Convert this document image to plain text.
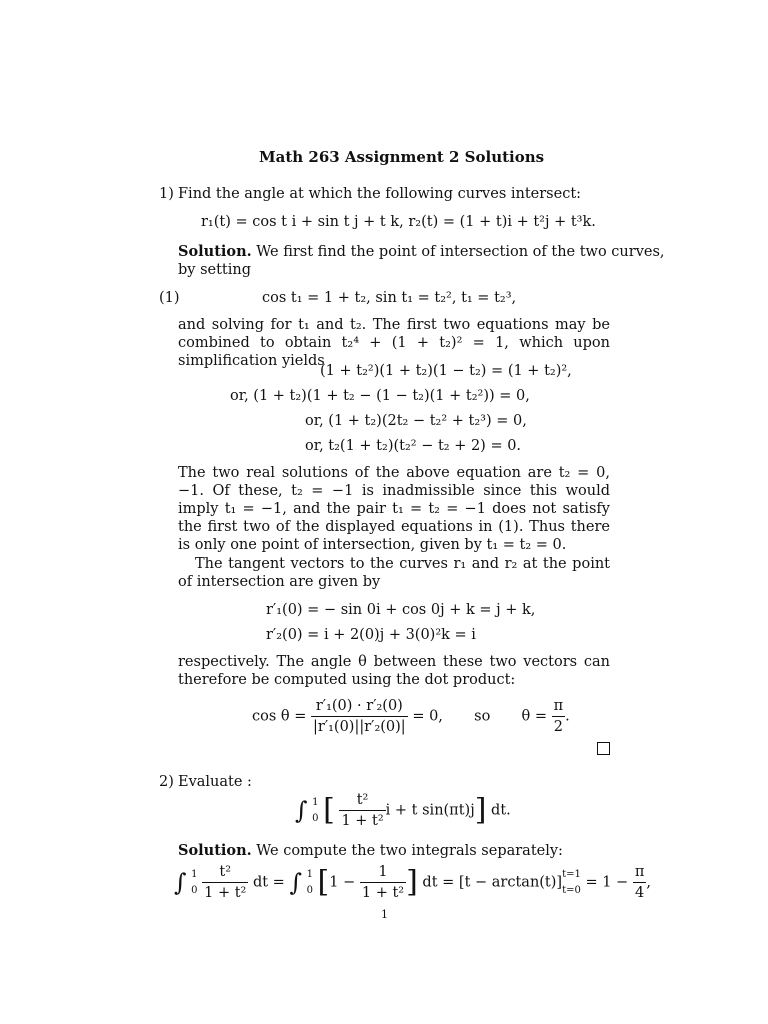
Math 263 Assignment 2 Solutions
1) Find the angle at which the following curves intersect:
r₁(t) = cos t i + sin t j + t k, r₂(t) = (1 + t)i + t²j + t³k.
Solution. We first find the point of intersection of the two curves,
by setting
(1)	cos t₁ = 1 + t₂, sin t₁ = t₂², t₁ = t₂³,
and solving for t₁ and t₂. The first two equations may be combined to obtain t₂⁴ + (1 + t₂)² = 1, which upon simplification yields
(1 + t₂²)(1 + t₂)(1 − t₂) = (1 + t₂)²,
or, (1 + t₂)(1 + t₂ − (1 − t₂)(1 + t₂²)) = 0,
or, (1 + t₂)(2t₂ − t₂² + t₂³) = 0,
or, t₂(1 + t₂)(t₂² − t₂ + 2) = 0.
The two real solutions of the above equation are t₂ = 0, −1. Of these, t₂ = −1 is inadmissible since this would imply t₁ = −1, and the pair t₁ = t₂ = −1 does not satisfy the first two of the displayed equations in (1). Thus there is only one point of intersection, given by t₁ = t₂ = 0.
The tangent vectors to the curves r₁ and r₂ at the point of intersection are given by
r′₁(0) = − sin 0i + cos 0j + k = j + k,
r′₂(0) = i + 2(0)j + 3(0)²k = i
respectively. The angle θ between these two vectors can therefore be computed using the dot product:
$\cos \theta = \frac{\text{r′₁(0) · r′₂(0)}}{\text{|r′₁(0)||r′₂(0)|}} = 0$, so $\theta = \frac{\pi}{2}$ .
2) Evaluate :
∫ 1
0 [ $\frac{\text{t²}}{\text{1 + t²}}$ i + t sin(πt)j] dt.
Solution. We compute the two integrals separately:
∫ 1
0
$\frac{\text{t²}}{\text{1 + t²}}$ dt = ∫ 1
0 [$1 - \frac{1}{\text{1 + t²}}$ ] dt = [t − arctan(t)]
t=1
$t=0 = 1 - \frac{\pi}{4}$ ,
1
